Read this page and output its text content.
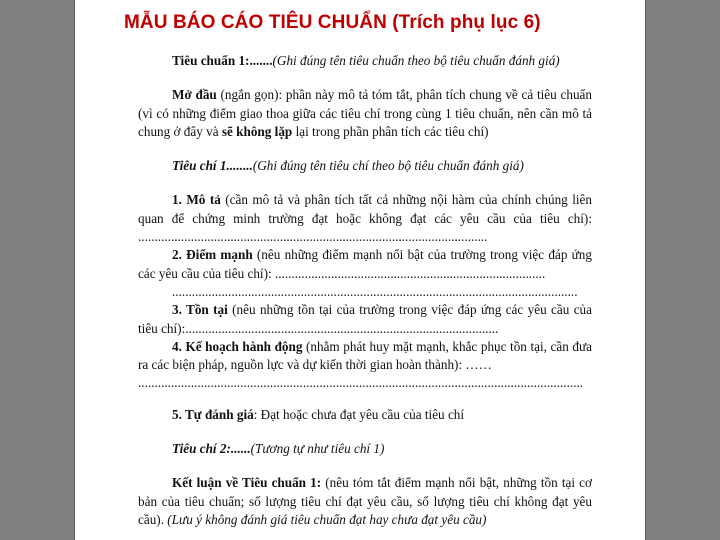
MẪU BÁO CÁO TIÊU CHUẨN (Trích phụ lục 6)

Tiêu chuẩn 1:.......(Ghi đúng tên tiêu chuẩn theo bộ tiêu chuẩn đánh giá)

Mở đầu (ngắn gọn): phần này mô tả tóm tắt, phân tích chung về cả tiêu chuẩn (vì có những điểm giao thoa giữa các tiêu chí trong cùng 1 tiêu chuẩn, nên cần mô tả chung ở đây và sẽ không lặp lại trong phần phân tích các tiêu chí)

Tiêu chí 1........(Ghi đúng tên tiêu chí theo bộ tiêu chuẩn đánh giá)

1. Mô tả (cần mô tả và phân tích tất cả những nội hàm của chính chúng liên quan để chứng minh trường đạt hoặc không đạt các yêu cầu của tiêu chí): ..........................................................................................................

2. Điểm mạnh (nêu những điểm mạnh nổi bật của trường trong việc đáp ứng các yêu cầu của tiêu chí): ..................................................................................

...........................................................................................................................

3. Tồn tại (nêu những tồn tại của trường trong việc đáp ứng các yêu cầu của tiêu chí):...............................................................................................

4. Kế hoạch hành động (nhằm phát huy mặt mạnh, khắc phục tồn tại, cần đưa ra các biện pháp, nguồn lực và dự kiến thời gian hoàn thành): ……

.......................................................................................................................................

5. Tự đánh giá: Đạt hoặc chưa đạt yêu cầu của tiêu chí

Tiêu chí 2:......(Tương tự như tiêu chí 1)

Kết luận về Tiêu chuẩn 1: (nêu tóm tắt điểm mạnh nổi bật, những tồn tại cơ bản của tiêu chuẩn; số lượng tiêu chí đạt yêu cầu, số lượng tiêu chí không đạt yêu cầu). (Lưu ý không đánh giá tiêu chuẩn đạt hay chưa đạt yêu cầu)
